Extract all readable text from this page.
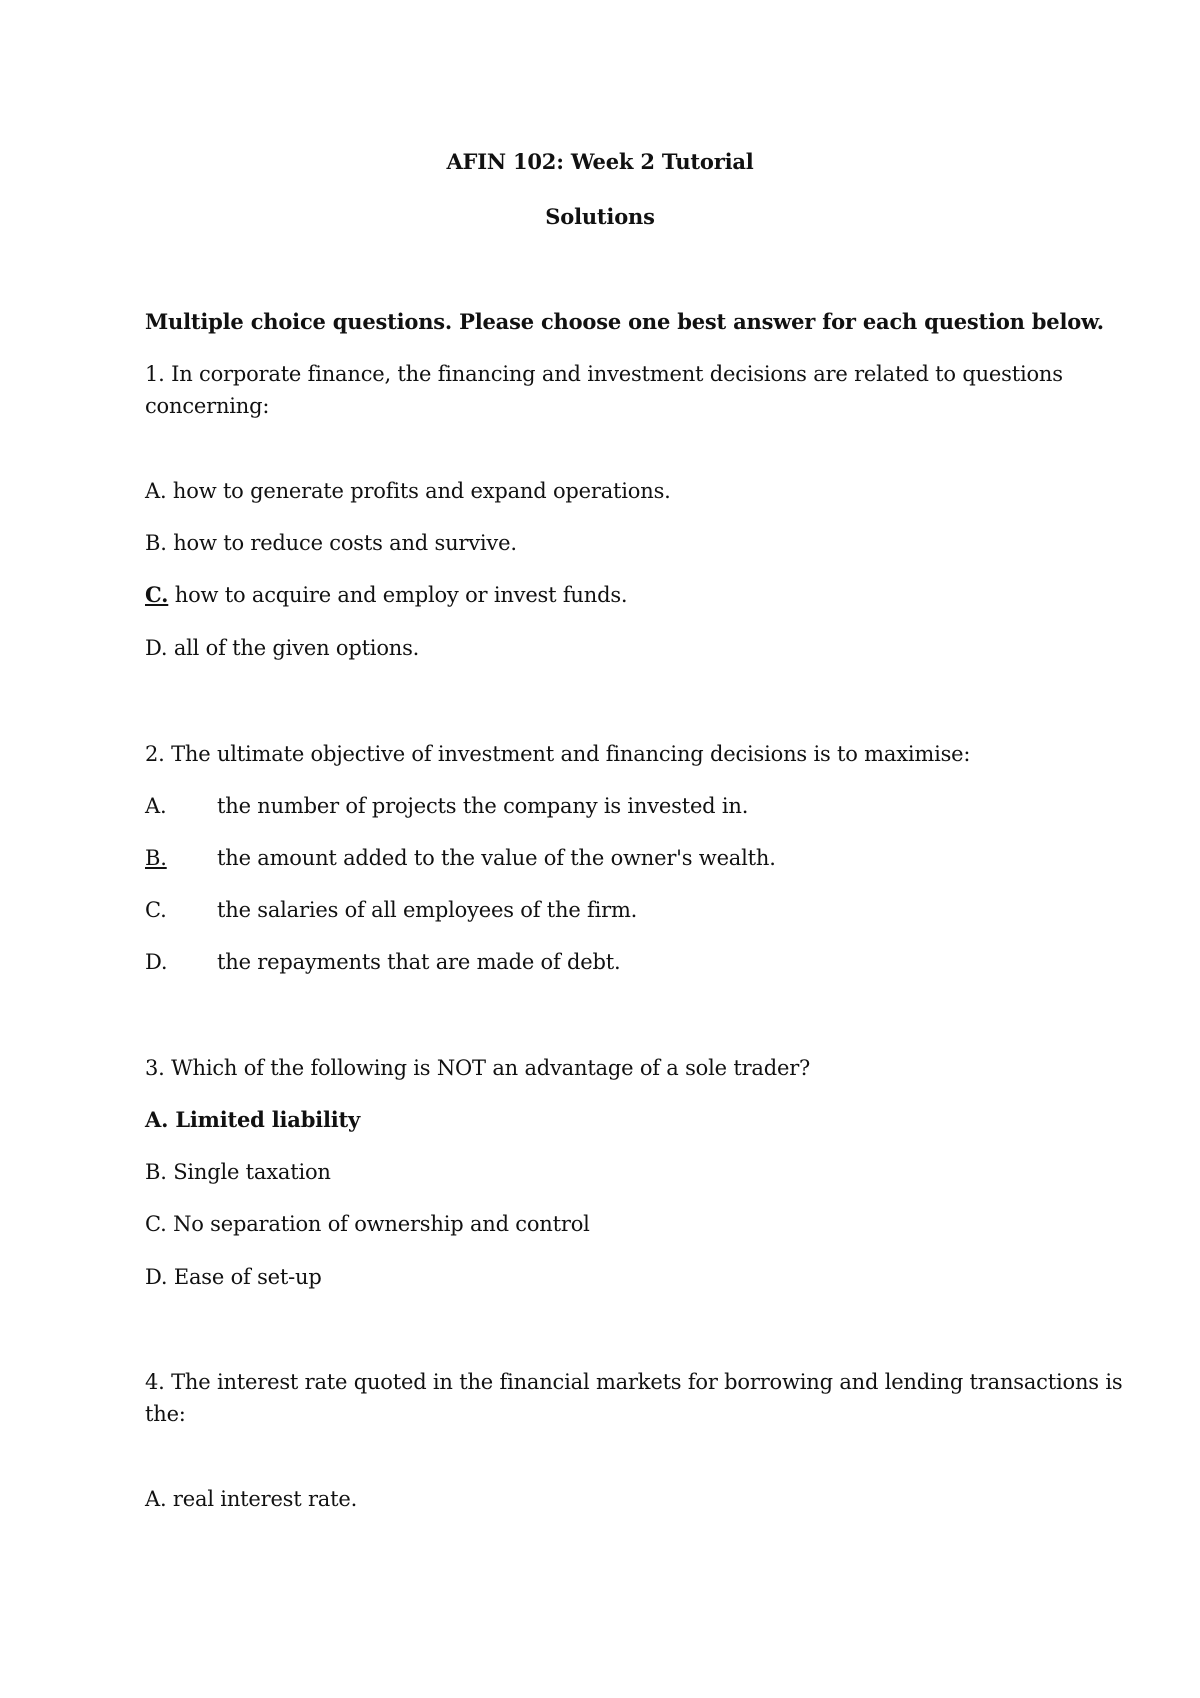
AFIN 102: Week 2 Tutorial
Solutions
Multiple choice questions. Please choose one best answer for each question below.
1. In corporate finance, the financing and investment decisions are related to questions
concerning:
A. how to generate profits and expand operations.
B. how to reduce costs and survive.
C. how to acquire and employ or invest funds.
D. all of the given options.
2. The ultimate objective of investment and financing decisions is to maximise:
A. the number of projects the company is invested in.
B. the amount added to the value of the owner's wealth.
C. the salaries of all employees of the firm.
D. the repayments that are made of debt.
3. Which of the following is NOT an advantage of a sole trader?
A. Limited liability
B. Single taxation
C. No separation of ownership and control
D. Ease of set-up
4. The interest rate quoted in the financial markets for borrowing and lending transactions is
the:
A. real interest rate.
